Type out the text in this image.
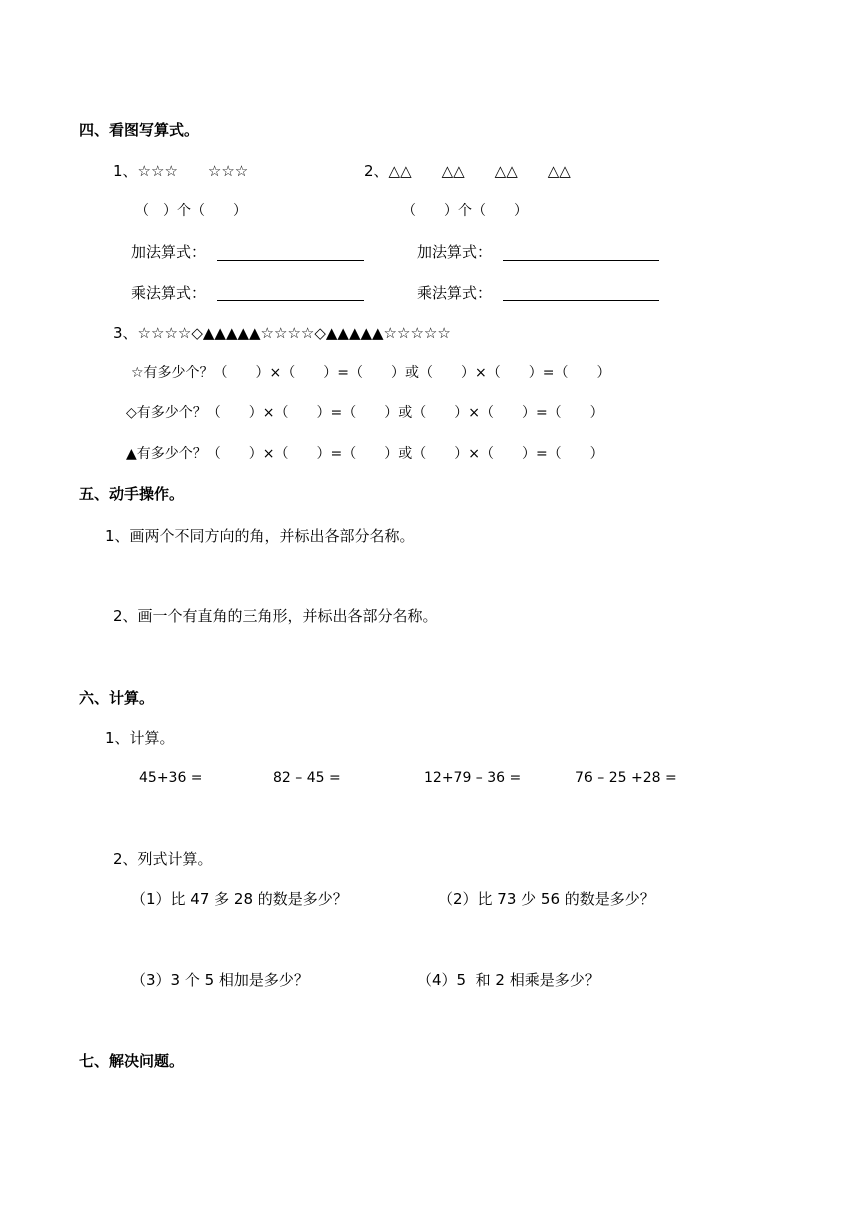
四、看图写算式。
1、☆☆☆　　☆☆☆	2、△△　　△△　　△△　　△△
（　）个（　　）	（　　）个（　　）
加法算式：	加法算式：
乘法算式：	乘法算式：
3、☆☆☆☆◇▲▲▲▲▲☆☆☆☆◇▲▲▲▲▲☆☆☆☆☆
☆有多少个？（　　）×（　　）=（　　）或（　　）×（　　）=（　　）
◇有多少个？（　　）×（　　）=（　　）或（　　）×（　　）=（　　）
▲有多少个？（　　）×（　　）=（　　）或（　　）×（　　）=（　　）
五、动手操作。
1、画两个不同方向的角，并标出各部分名称。
2、画一个有直角的三角形，并标出各部分名称。
六、计算。
1、计算。
45+36 =	82 – 45 =	12+79 – 36 =	76 – 25 +28 =
2、列式计算。
（1）比 47 多 28 的数是多少？	（2）比 73 少 56 的数是多少？
（3）3 个 5 相加是多少？	（4）5  和 2 相乘是多少？
七、解决问题。
